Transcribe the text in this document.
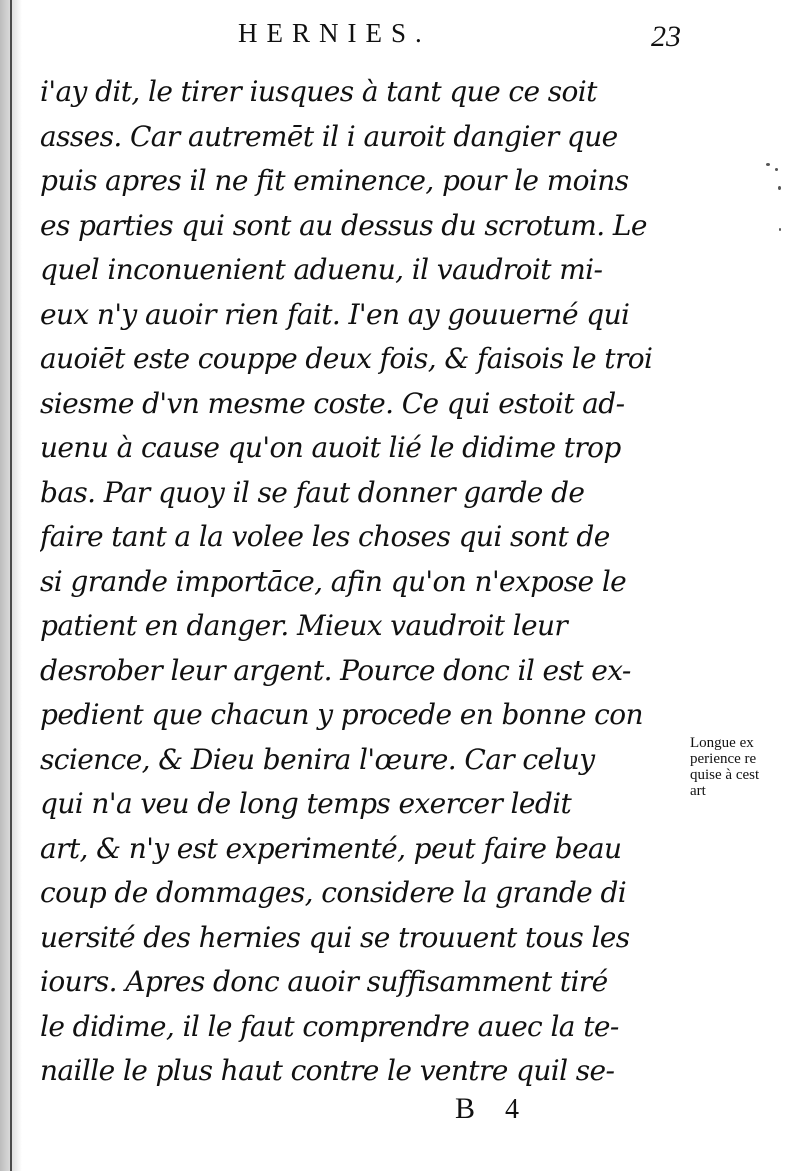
HERNIES.	23
i'ay dit, le tirer iusques à tant que ce soit
asses. Car autremēt il i auroit dangier que
puis apres il ne fit eminence, pour le moins
es parties qui sont au dessus du scrotum. Le
quel inconuenient aduenu, il vaudroit mi-
eux n'y auoir rien fait. I'en ay gouuerné qui
auoiēt este couppe deux fois, & faisois le troi
siesme d'vn mesme coste. Ce qui estoit ad-
uenu à cause qu'on auoit lié le didime trop
bas. Par quoy il se faut donner garde de
faire tant a la volee les choses qui sont de
si grande importāce, afin qu'on n'expose le
patient en danger. Mieux vaudroit leur
desrober leur argent. Pource donc il est ex-
pedient que chacun y procede en bonne con
science, & Dieu benira l'œure. Car celuy
qui n'a veu de long temps exercer ledit
art, & n'y est experimenté, peut faire beau
coup de dommages, considere la grande di
uersité des hernies qui se trouuent tous les
iours. Apres donc auoir suffisamment tiré
le didime, il le faut comprendre auec la te-
naille le plus haut contre le ventre quil se-
Longue ex
perience re
quise à cest
art
B 4
